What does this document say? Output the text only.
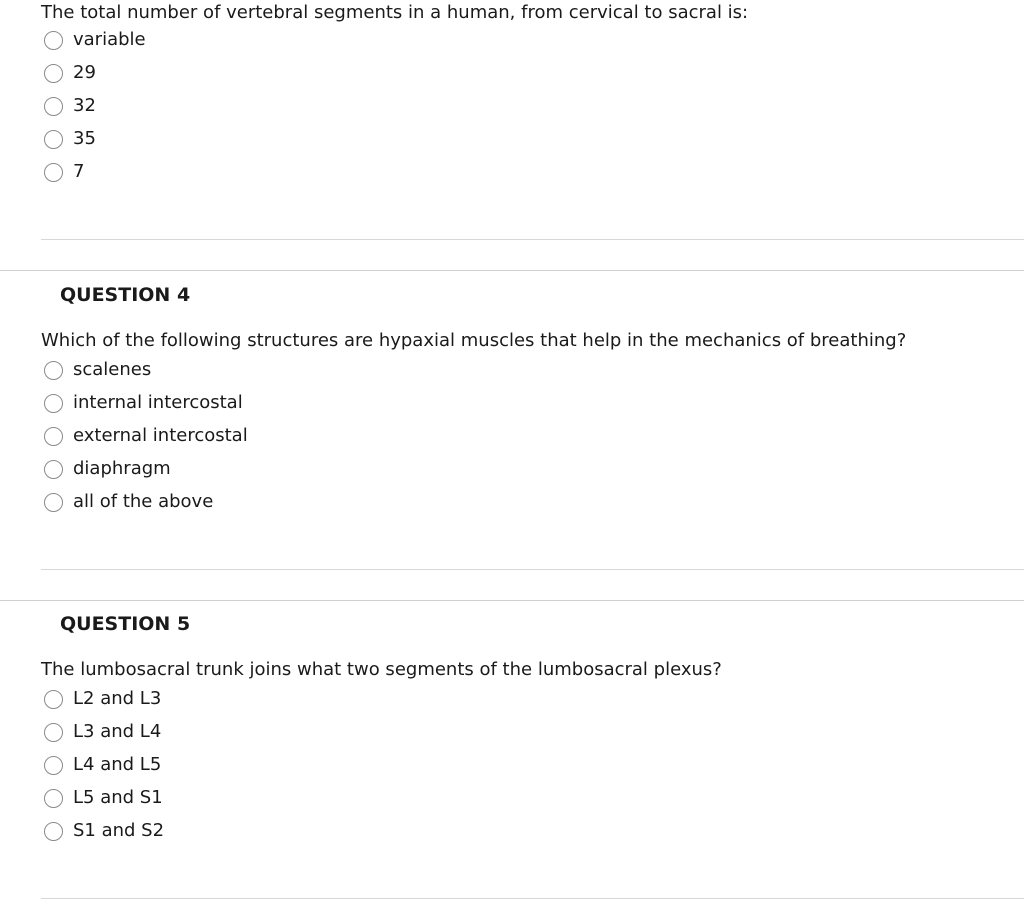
The total number of vertebral segments in a human, from cervical to sacral is:
variable
29
32
35
7
QUESTION 4
Which of the following structures are hypaxial muscles that help in the mechanics of breathing?
scalenes
internal intercostal
external intercostal
diaphragm
all of the above
QUESTION 5
The lumbosacral trunk joins what two segments of the lumbosacral plexus?
L2 and L3
L3 and L4
L4 and L5
L5 and S1
S1 and S2
